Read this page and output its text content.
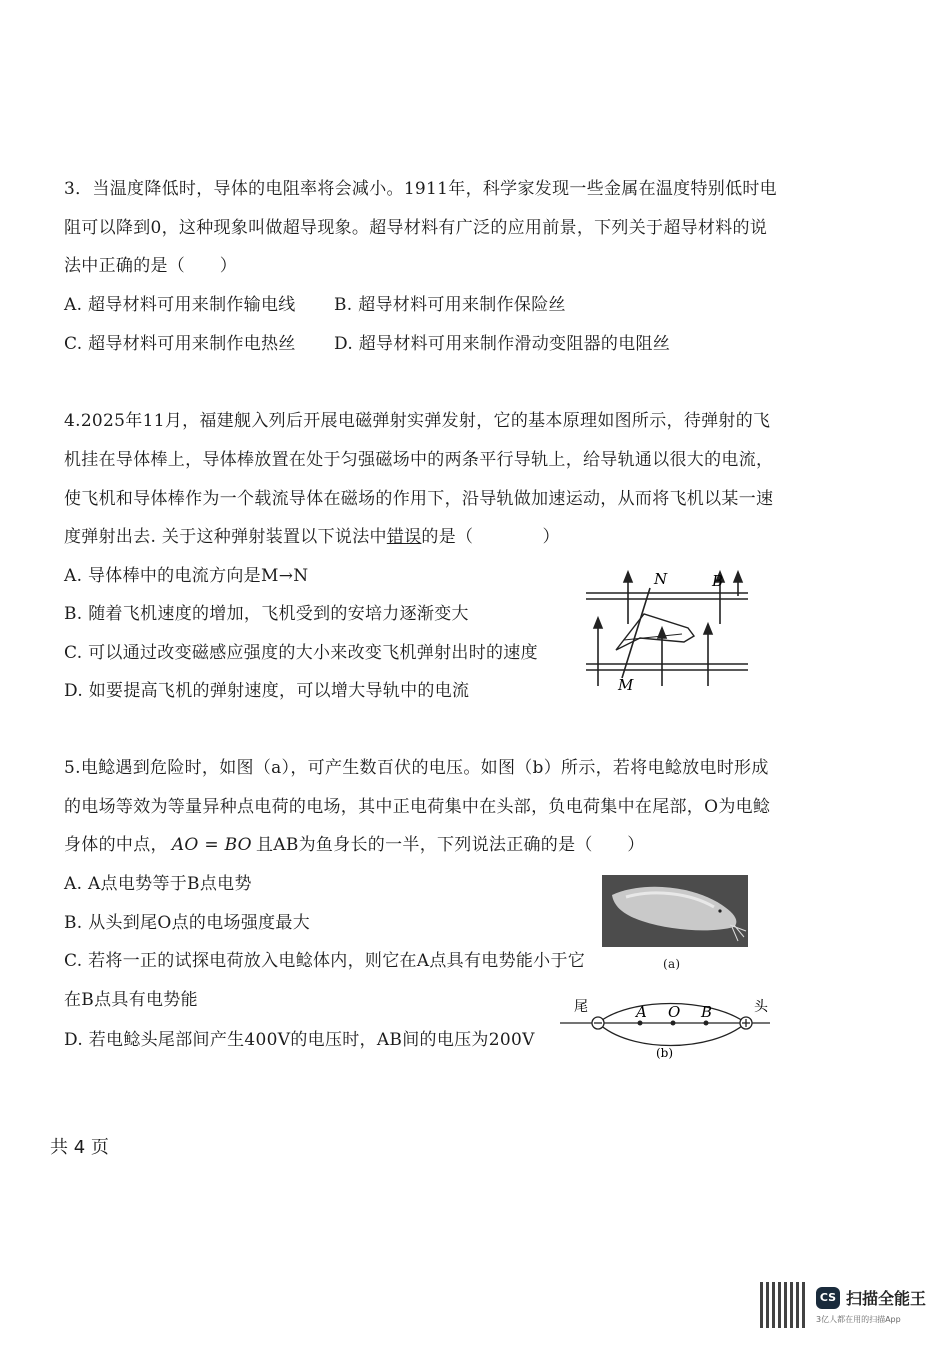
3．当温度降低时，导体的电阻率将会减小。1911年，科学家发现一些金属在温度特别低时电
阻可以降到0，这种现象叫做超导现象。超导材料有广泛的应用前景，下列关于超导材料的说
法中正确的是（　　）
A. 超导材料可用来制作输电线 B. 超导材料可用来制作保险丝
C. 超导材料可用来制作电热丝 D. 超导材料可用来制作滑动变阻器的电阻丝
4.2025年11月，福建舰入列后开展电磁弹射实弹发射，它的基本原理如图所示，待弹射的飞
机挂在导体棒上，导体棒放置在处于匀强磁场中的两条平行导轨上，给导轨通以很大的电流，
使飞机和导体棒作为一个载流导体在磁场的作用下，沿导轨做加速运动，从而将飞机以某一速
度弹射出去. 关于这种弹射装置以下说法中错误的是（　　　　）
A. 导体棒中的电流方向是M→N
B. 随着飞机速度的增加，飞机受到的安培力逐渐变大
C. 可以通过改变磁感应强度的大小来改变飞机弹射出时的速度
D. 如要提高飞机的弹射速度，可以增大导轨中的电流
N	B
M
5.电鲶遇到危险时，如图（a），可产生数百伏的电压。如图（b）所示，若将电鲶放电时形成
的电场等效为等量异种点电荷的电场，其中正电荷集中在头部，负电荷集中在尾部，O为电鲶
身体的中点， AO = BO 且AB为鱼身长的一半，下列说法正确的是（　　）
A. A点电势等于B点电势
B. 从头到尾O点的电场强度最大
C. 若将一正的试探电荷放入电鲶体内，则它在A点具有电势能小于它
在B点具有电势能
D. 若电鲶头尾部间产生400V的电压时，AB间的电压为200V
(a)
尾	头
A O B
(b)
共 4 页
CS 扫描全能王
3亿人都在用的扫描App
